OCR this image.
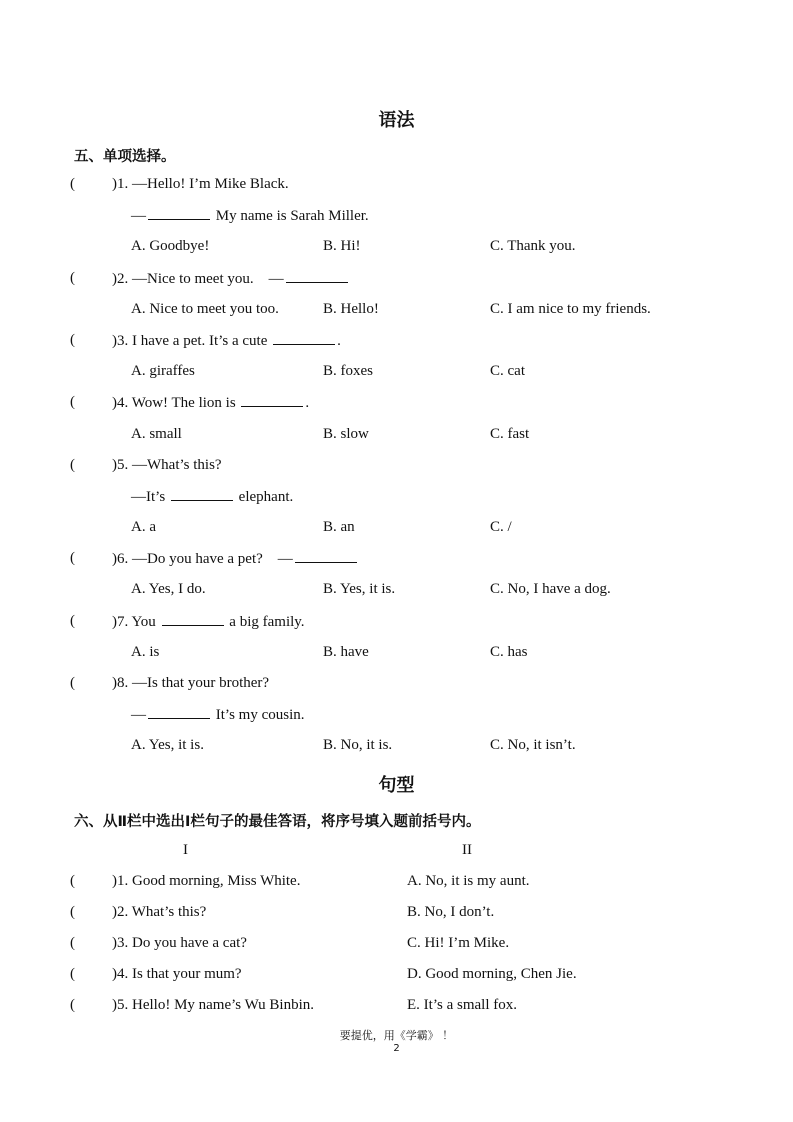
语法
五、单项选择。
( )1. —Hello! I’m Mike Black.
—	My name is Sarah Miller.
A. Goodbye!	B. Hi!	C. Thank you.
( )2. —Nice to meet you. —
A. Nice to meet you too.	B. Hello!	C. I am nice to my friends.
( )3. I have a pet. It’s a cute	.
A. giraffes	B. foxes	C. cat
( )4. Wow! The lion is	.
A. small	B. slow	C. fast
( )5. —What’s this?
—It’s	elephant.
A. a	B. an	C. /
( )6. —Do you have a pet? —
A. Yes, I do.	B. Yes, it is.	C. No, I have a dog.
( )7. You	a big family.
A. is	B. have	C. has
( )8. —Is that your brother?
—	It’s my cousin.
A. Yes, it is.	B. No, it is.	C. No, it isn’t.
句型
六、从Ⅱ栏中选出Ⅰ栏句子的最佳答语，将序号填入题前括号内。
I	II
( )1. Good morning, Miss White.	A. No, it is my aunt.
( )2. What’s this?	B. No, I don’t.
( )3. Do you have a cat?	C. Hi! I’m Mike.
( )4. Is that your mum?	D. Good morning, Chen Jie.
( )5. Hello! My name’s Wu Binbin.	E. It’s a small fox.
要提优，用《学霸》 ！
2
